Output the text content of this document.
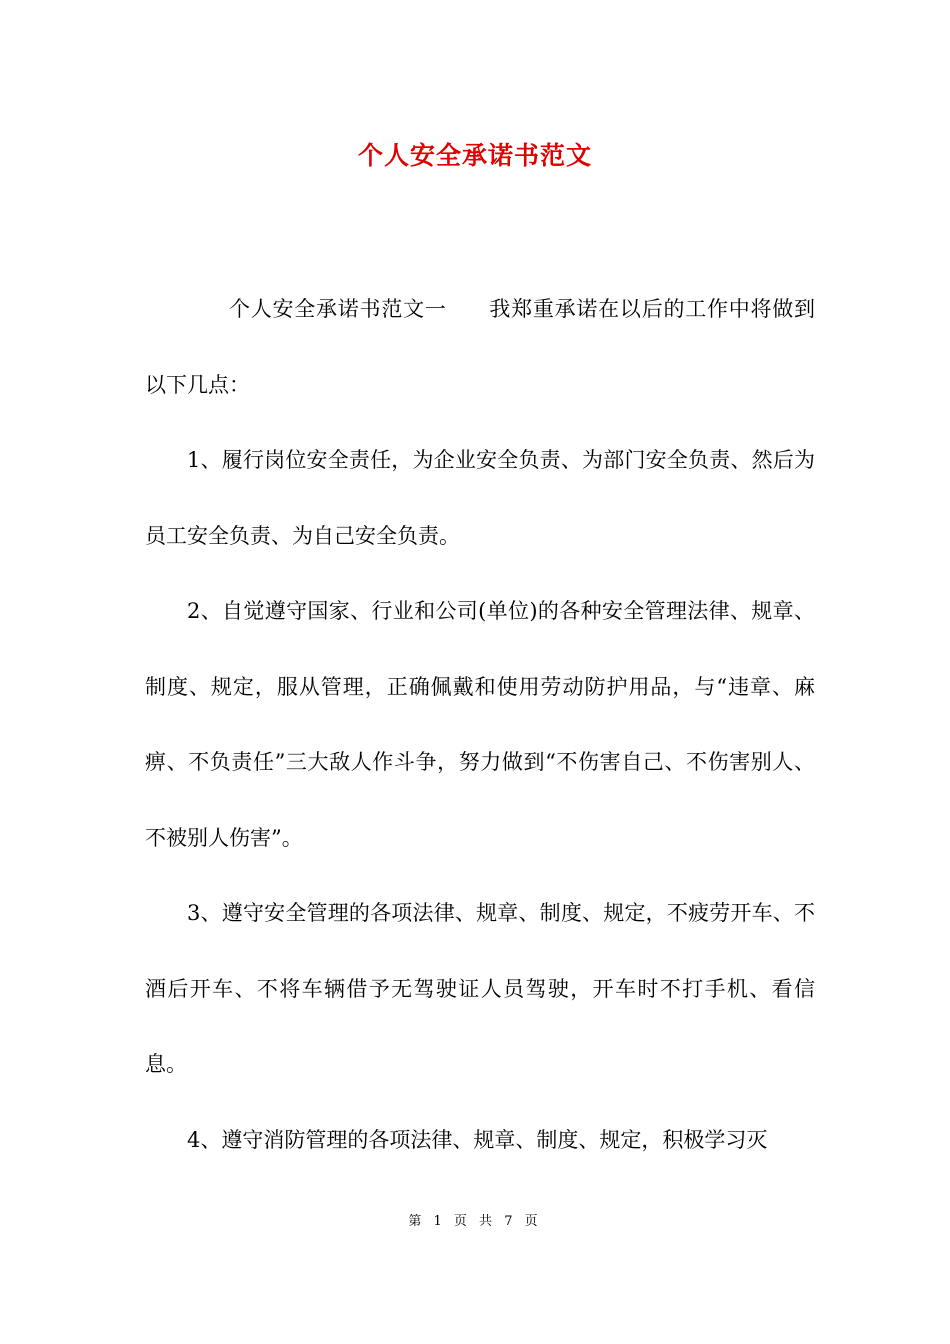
个人安全承诺书范文

个人安全承诺书范文一 我郑重承诺在以后的工作中将做到以下几点：

1、履行岗位安全责任，为企业安全负责、为部门安全负责、然后为员工安全负责、为自己安全负责。

2、自觉遵守国家、行业和公司(单位)的各种安全管理法律、规章、制度、规定，服从管理，正确佩戴和使用劳动防护用品，与“违章、麻痹、不负责任”三大敌人作斗争，努力做到“不伤害自己、不伤害别人、不被别人伤害”。

3、遵守安全管理的各项法律、规章、制度、规定，不疲劳开车、不酒后开车、不将车辆借予无驾驶证人员驾驶，开车时不打手机、看信息。

4、遵守消防管理的各项法律、规章、制度、规定，积极学习灭

第 1 页 共 7 页
